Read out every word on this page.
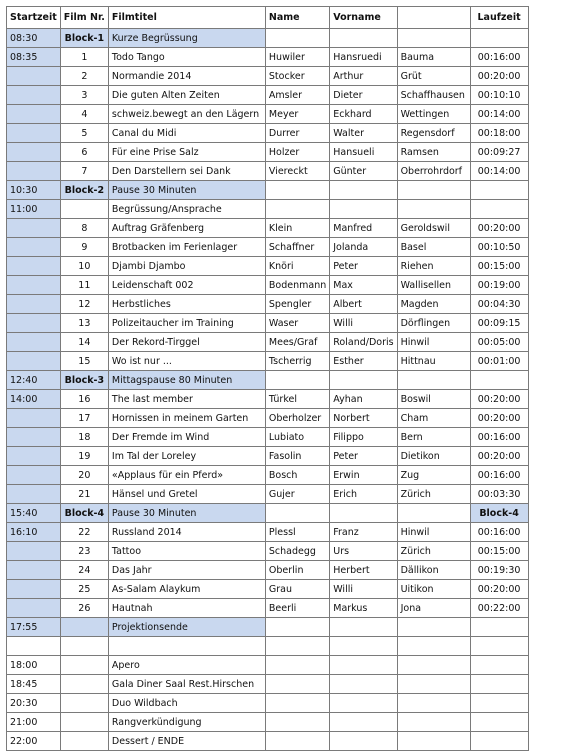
Startzeit	Film Nr.	Filmtitel	Name	Vorname		Laufzeit
08:30	Block-1	Kurze Begrüssung				
08:35	1	Todo Tango	Huwiler	Hansruedi	Bauma	00:16:00
	2	Normandie 2014	Stocker	Arthur	Grüt	00:20:00
	3	Die guten Alten Zeiten	Amsler	Dieter	Schaffhausen	00:10:10
	4	schweiz.bewegt an den Lägern	Meyer	Eckhard	Wettingen	00:14:00
	5	Canal du Midi	Durrer	Walter	Regensdorf	00:18:00
	6	Für eine Prise Salz	Holzer	Hansueli	Ramsen	00:09:27
	7	Den Darstellern sei Dank	Viereckt	Günter	Oberrohrdorf	00:14:00
10:30	Block-2	Pause 30 Minuten				
11:00		Begrüssung/Ansprache				
	8	Auftrag Gräfenberg	Klein	Manfred	Geroldswil	00:20:00
	9	Brotbacken im Ferienlager	Schaffner	Jolanda	Basel	00:10:50
	10	Djambi Djambo	Knöri	Peter	Riehen	00:15:00
	11	Leidenschaft 002	Bodenmann	Max	Wallisellen	00:19:00
	12	Herbstliches	Spengler	Albert	Magden	00:04:30
	13	Polizeitaucher im Training	Waser	Willi	Dörflingen	00:09:15
	14	Der Rekord-Tirggel	Mees/Graf	Roland/Doris	Hinwil	00:05:00
	15	Wo ist nur ...	Tscherrig	Esther	Hittnau	00:01:00
12:40	Block-3	Mittagspause 80 Minuten				
14:00	16	The last member	Türkel	Ayhan	Boswil	00:20:00
	17	Hornissen in meinem Garten	Oberholzer	Norbert	Cham	00:20:00
	18	Der Fremde im Wind	Lubiato	Filippo	Bern	00:16:00
	19	Im Tal der Loreley	Fasolin	Peter	Dietikon	00:20:00
	20	«Applaus für ein Pferd»	Bosch	Erwin	Zug	00:16:00
	21	Hänsel und Gretel	Gujer	Erich	Zürich	00:03:30
15:40	Block-4	Pause 30 Minuten				Block-4
16:10	22	Russland 2014	Plessl	Franz	Hinwil	00:16:00
	23	Tattoo	Schadegg	Urs	Zürich	00:15:00
	24	Das Jahr	Oberlin	Herbert	Dällikon	00:19:30
	25	As-Salam Alaykum	Grau	Willi	Uitikon	00:20:00
	26	Hautnah	Beerli	Markus	Jona	00:22:00
17:55		Projektionsende				

18:00		Apero				
18:45		Gala Diner Saal Rest.Hirschen				
20:30		Duo Wildbach				
21:00		Rangverkündigung				
22:00		Dessert / ENDE				
